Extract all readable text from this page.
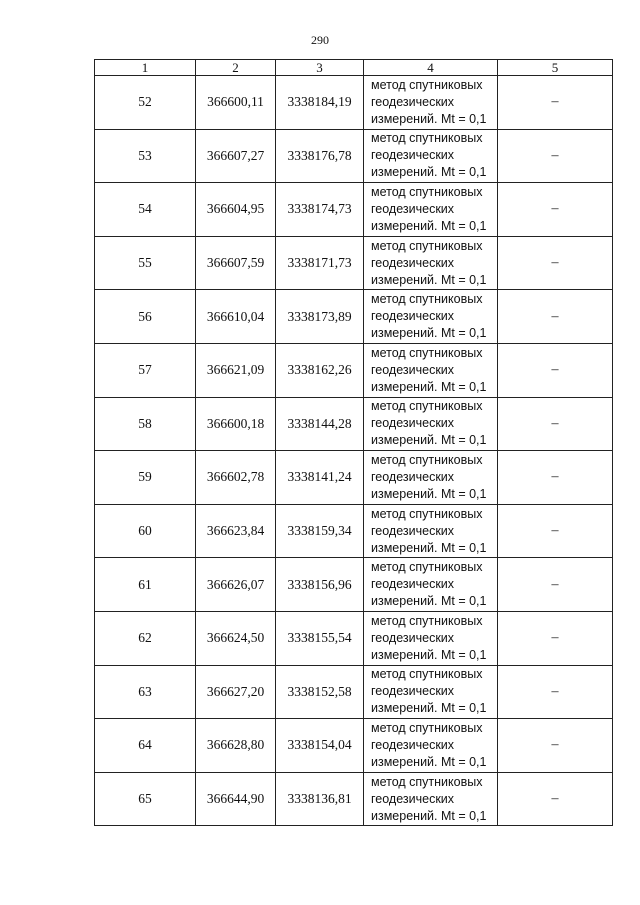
290
1	2	3	4	5
52	366600,11	3338184,19	метод спутниковых
геодезических
измерений. Mt = 0,1	–
53	366607,27	3338176,78	метод спутниковых
геодезических
измерений. Mt = 0,1	–
54	366604,95	3338174,73	метод спутниковых
геодезических
измерений. Mt = 0,1	–
55	366607,59	3338171,73	метод спутниковых
геодезических
измерений. Mt = 0,1	–
56	366610,04	3338173,89	метод спутниковых
геодезических
измерений. Mt = 0,1	–
57	366621,09	3338162,26	метод спутниковых
геодезических
измерений. Mt = 0,1	–
58	366600,18	3338144,28	метод спутниковых
геодезических
измерений. Mt = 0,1	–
59	366602,78	3338141,24	метод спутниковых
геодезических
измерений. Mt = 0,1	–
60	366623,84	3338159,34	метод спутниковых
геодезических
измерений. Mt = 0,1	–
61	366626,07	3338156,96	метод спутниковых
геодезических
измерений. Mt = 0,1	–
62	366624,50	3338155,54	метод спутниковых
геодезических
измерений. Mt = 0,1	–
63	366627,20	3338152,58	метод спутниковых
геодезических
измерений. Mt = 0,1	–
64	366628,80	3338154,04	метод спутниковых
геодезических
измерений. Mt = 0,1	–
65	366644,90	3338136,81	метод спутниковых
геодезических
измерений. Mt = 0,1	–
